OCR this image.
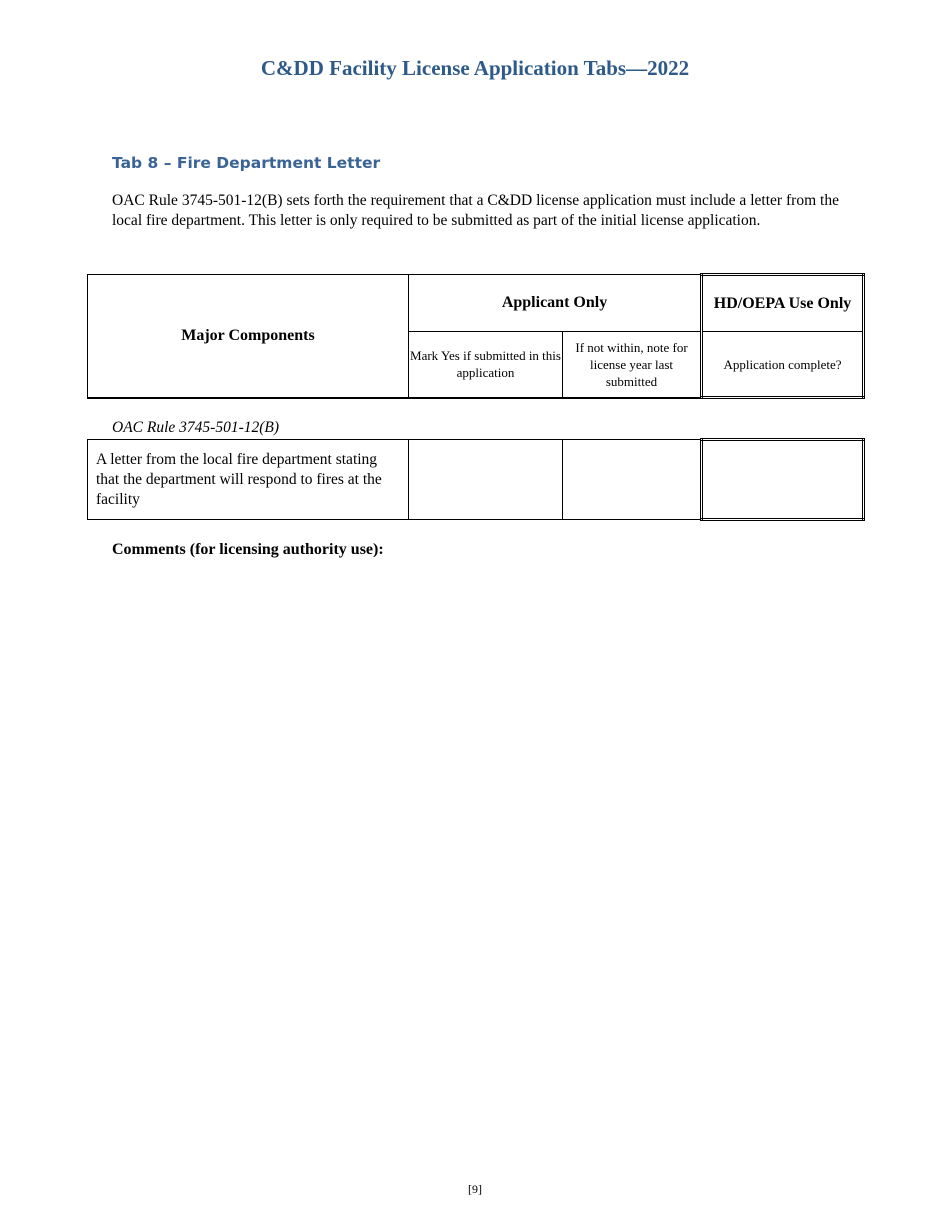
C&DD Facility License Application Tabs—2022
Tab 8 – Fire Department Letter
OAC Rule 3745-501-12(B) sets forth the requirement that a C&DD license application must include a letter from the local fire department. This letter is only required to be submitted as part of the initial license application.
Major Components	Applicant Only		HD/OEPA Use Only
	Mark Yes if submitted in this application	If not within, note for license year last submitted	Application complete?
OAC Rule 3745-501-12(B)
A letter from the local fire department stating that the department will respond to fires at the facility			
Comments (for licensing authority use):
[9]
